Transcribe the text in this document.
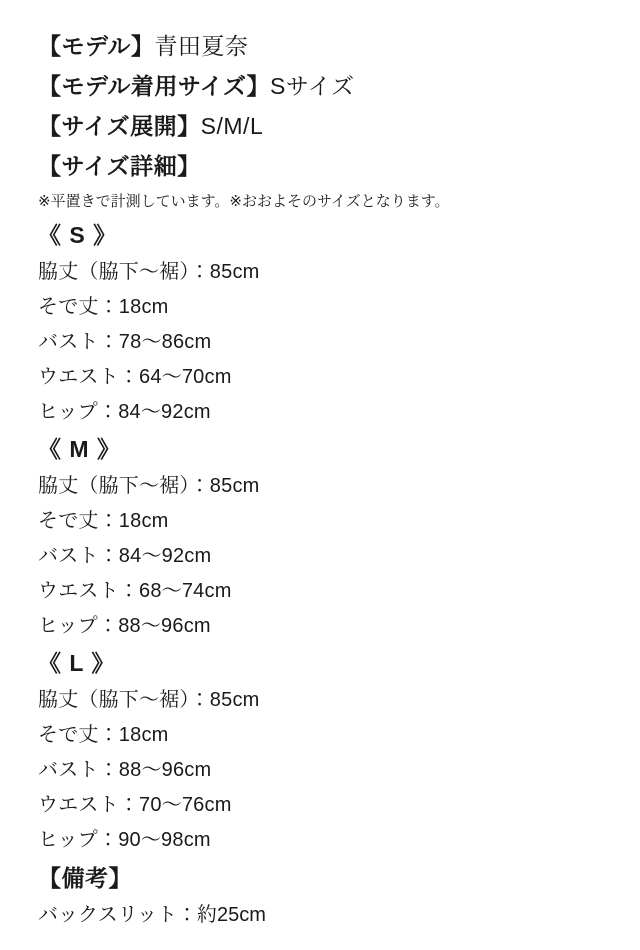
【モデル】青田夏奈
【モデル着用サイズ】Sサイズ
【サイズ展開】S/M/L
【サイズ詳細】
※平置きで計測しています。※おおよそのサイズとなります。
《 S 》
脇丈（脇下〜裾）：85cm
そで丈：18cm
バスト：78〜86cm
ウエスト：64〜70cm
ヒップ：84〜92cm
《 M 》
脇丈（脇下〜裾）：85cm
そで丈：18cm
バスト：84〜92cm
ウエスト：68〜74cm
ヒップ：88〜96cm
《 L 》
脇丈（脇下〜裾）：85cm
そで丈：18cm
バスト：88〜96cm
ウエスト：70〜76cm
ヒップ：90〜98cm
【備考】
バックスリット：約25cm
